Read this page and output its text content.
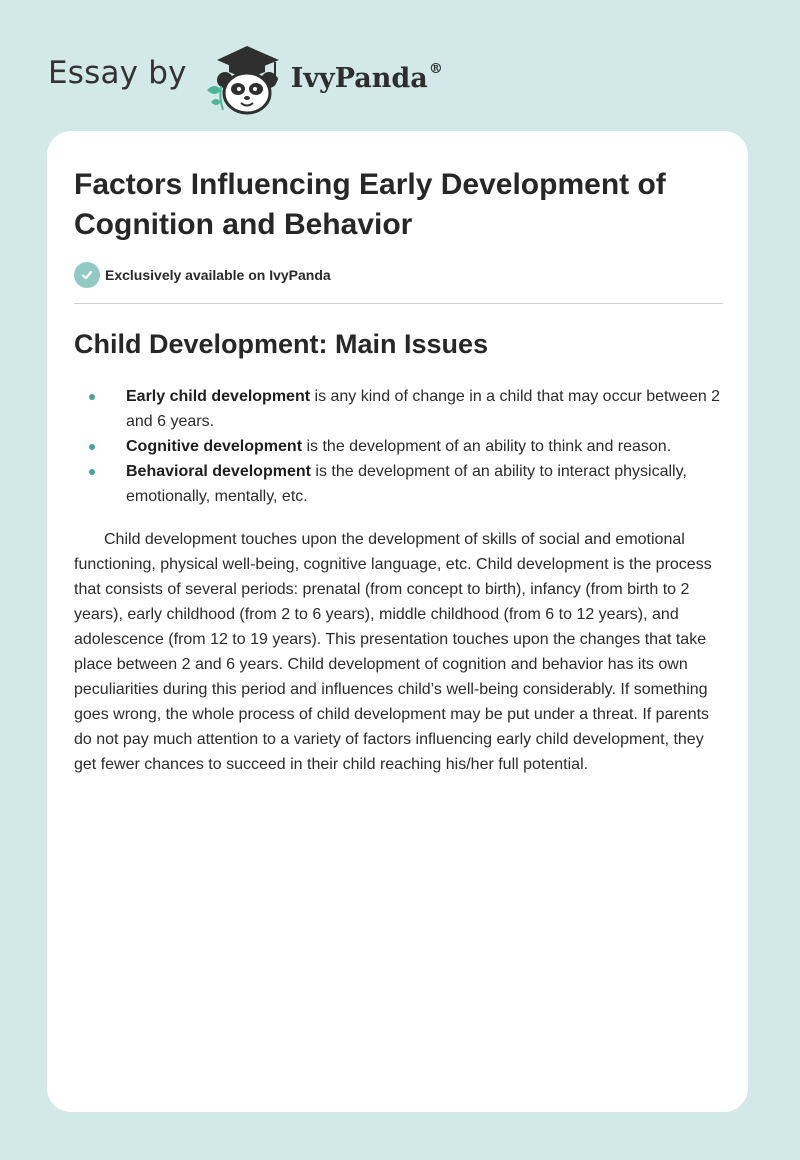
Essay by	IvyPanda®
Factors Influencing Early Development of Cognition and Behavior
Exclusively available on IvyPanda
Child Development: Main Issues
Early child development is any kind of change in a child that may occur between 2 and 6 years.
Cognitive development is the development of an ability to think and reason.
Behavioral development is the development of an ability to interact physically, emotionally, mentally, etc.

Child development touches upon the development of skills of social and emotional functioning, physical well-being, cognitive language, etc. Child development is the process that consists of several periods: prenatal (from concept to birth), infancy (from birth to 2 years), early childhood (from 2 to 6 years), middle childhood (from 6 to 12 years), and adolescence (from 12 to 19 years). This presentation touches upon the changes that take place between 2 and 6 years. Child development of cognition and behavior has its own peculiarities during this period and influences child’s well-being considerably. If something goes wrong, the whole process of child development may be put under a threat. If parents do not pay much attention to a variety of factors influencing early child development, they get fewer chances to succeed in their child reaching his/her full potential.
